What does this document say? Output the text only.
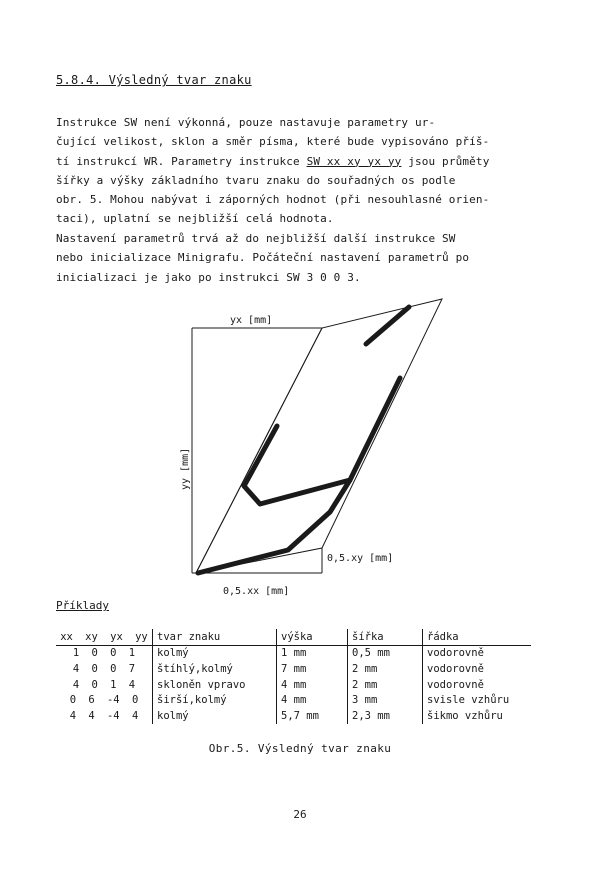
5.8.4. Výsledný tvar znaku
Instrukce SW není výkonná, pouze nastavuje parametry ur-
čující velikost, sklon a směr písma, které bude vypisováno příš-
tí instrukcí WR. Parametry instrukce SW xx xy yx yy jsou průměty
šířky a výšky základního tvaru znaku do souřadných os podle
obr. 5. Mohou nabývat i záporných hodnot (při nesouhlasné orien-
taci), uplatní se nejbližší celá hodnota.
Nastavení parametrů trvá až do nejbližší další instrukce SW
nebo inicializace Minigrafu. Počáteční nastavení parametrů po
inicializaci je jako po instrukci SW 3 0 0 3.
yx [mm]
yy [mm]
0,5.xy [mm]
0,5.xx [mm]
Příklady
xx xy yx yy	tvar znaku	výška	šířka	řádka
1 0 0 1	kolmý	1 mm	0,5 mm	vodorovně
4 0 0 7	štíhlý,kolmý	7 mm	2 mm	vodorovně
4 0 1 4	skloněn vpravo	4 mm	2 mm	vodorovně
0 6 -4 0	širší,kolmý	4 mm	3 mm	svisle vzhůru
4 4 -4 4	kolmý	5,7 mm	2,3 mm	šikmo vzhůru
Obr.5. Výsledný tvar znaku
26
